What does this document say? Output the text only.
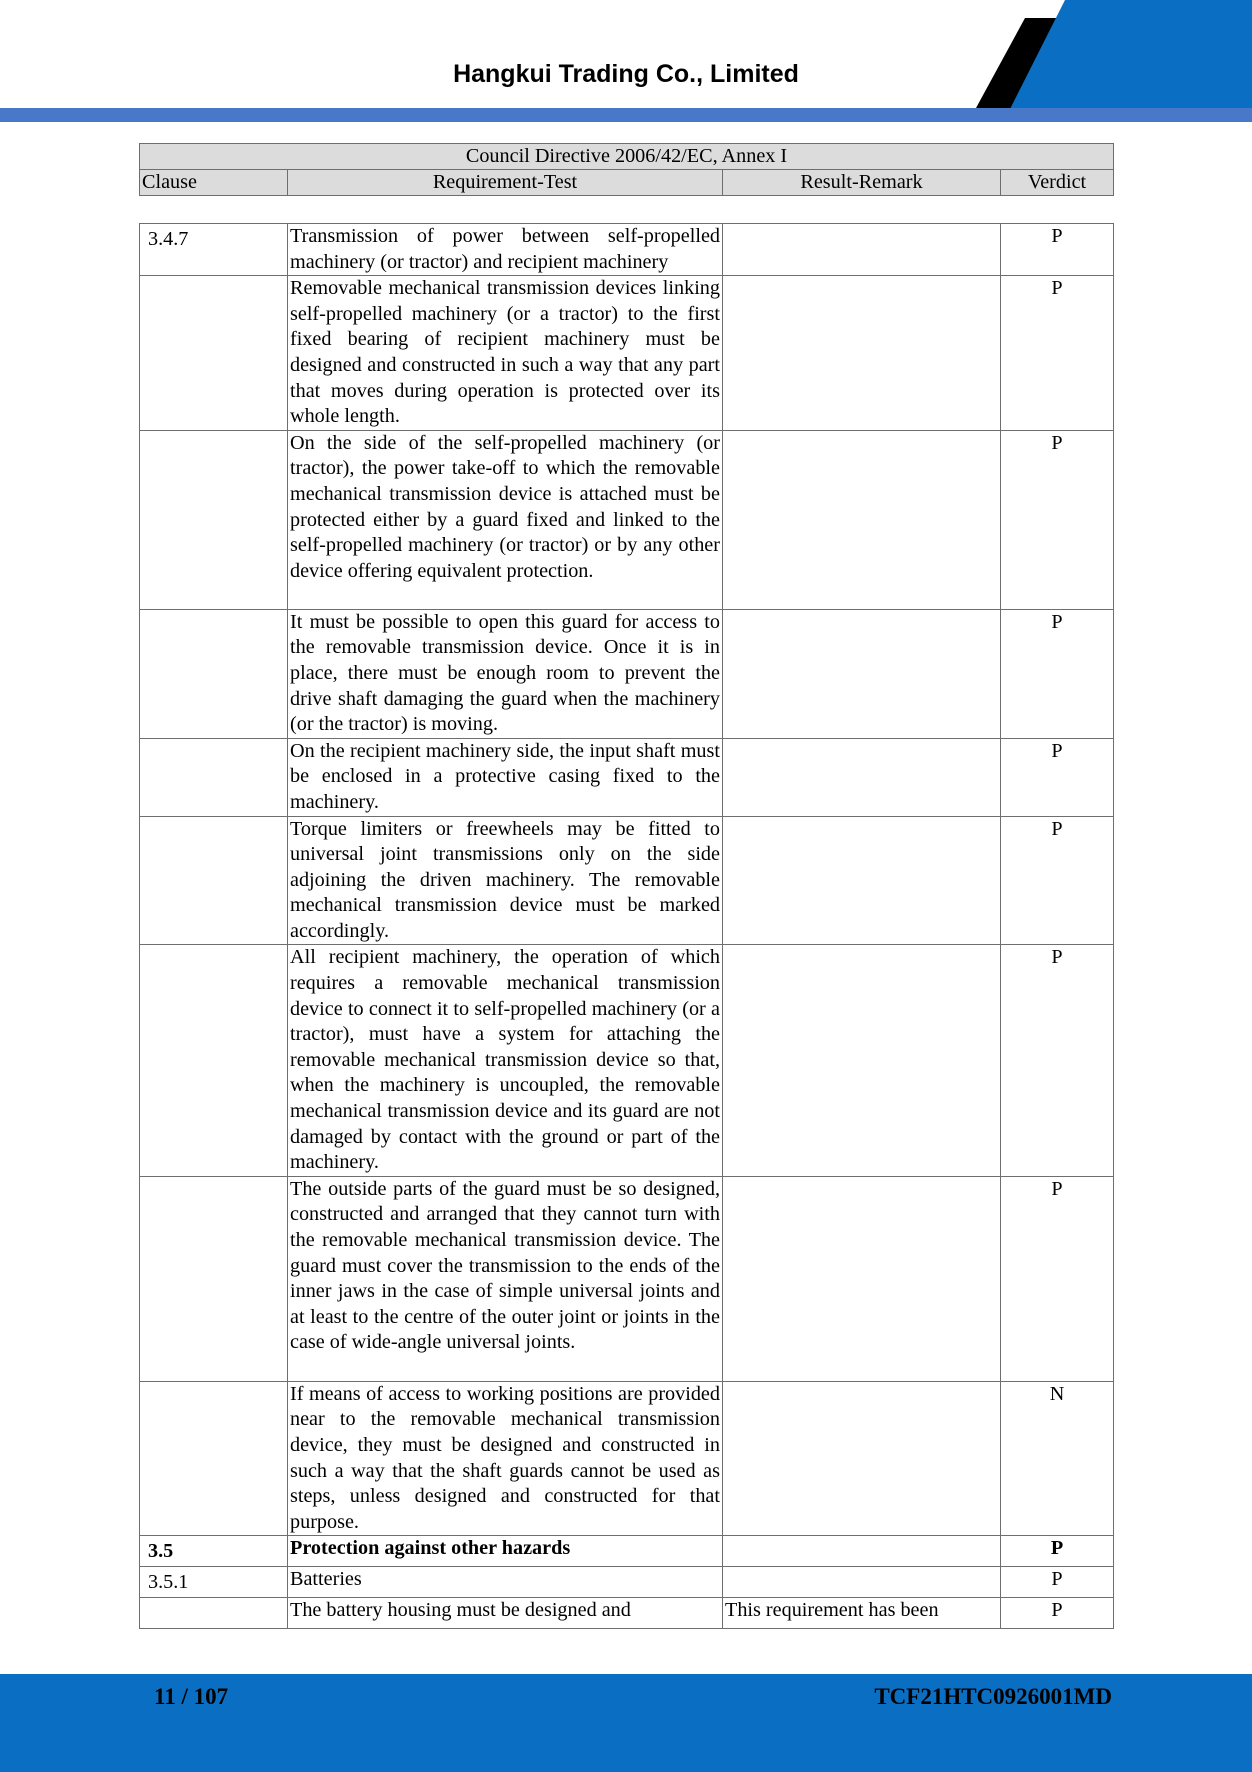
Hangkui Trading Co., Limited
Council Directive 2006/42/EC, Annex I
Clause	Requirement-Test	Result-Remark	Verdict
3.4.7	Transmission of power between self-propelled machinery (or tractor) and recipient machinery		P
	Removable mechanical transmission devices linking self-propelled machinery (or a tractor) to the first fixed bearing of recipient machinery must be designed and constructed in such a way that any part that moves during operation is protected over its whole length.		P
	On the side of the self-propelled machinery (or tractor), the power take-off to which the removable mechanical transmission device is attached must be protected either by a guard fixed and linked to the self-propelled machinery (or tractor) or by any other device offering equivalent protection.		P
	It must be possible to open this guard for access to the removable transmission device. Once it is in place, there must be enough room to prevent the drive shaft damaging the guard when the machinery (or the tractor) is moving.		P
	On the recipient machinery side, the input shaft must be enclosed in a protective casing fixed to the machinery.		P
	Torque limiters or freewheels may be fitted to universal joint transmissions only on the side adjoining the driven machinery. The removable mechanical transmission device must be marked accordingly.		P
	All recipient machinery, the operation of which requires a removable mechanical transmission device to connect it to self-propelled machinery (or a tractor), must have a system for attaching the removable mechanical transmission device so that, when the machinery is uncoupled, the removable mechanical transmission device and its guard are not damaged by contact with the ground or part of the machinery.		P
	The outside parts of the guard must be so designed, constructed and arranged that they cannot turn with the removable mechanical transmission device. The guard must cover the transmission to the ends of the inner jaws in the case of simple universal joints and at least to the centre of the outer joint or joints in the case of wide-angle universal joints.		P
	If means of access to working positions are provided near to the removable mechanical transmission device, they must be designed and constructed in such a way that the shaft guards cannot be used as steps, unless designed and constructed for that purpose.		N
3.5	Protection against other hazards		P
3.5.1	Batteries		P
	The battery housing must be designed and	This requirement has been	P
11 / 107	TCF21HTC0926001MD
